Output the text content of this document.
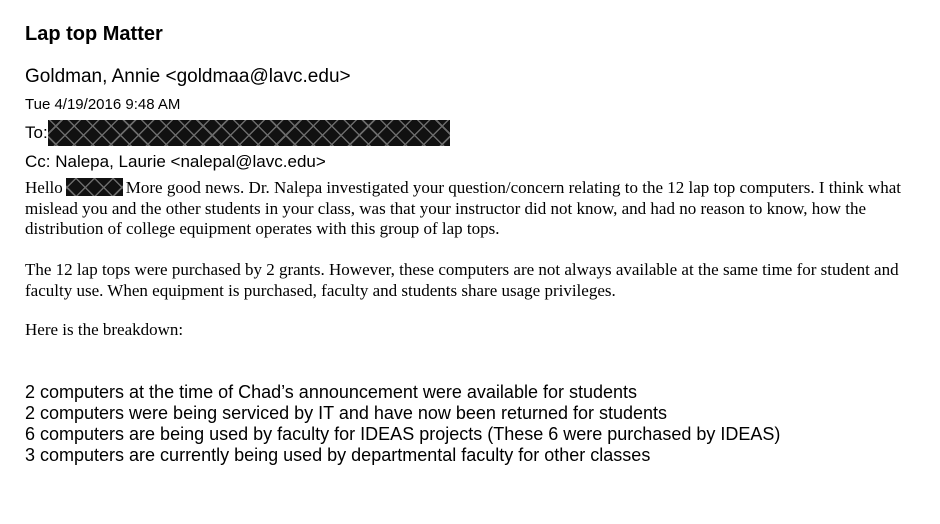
Lap top Matter
Goldman, Annie <goldmaa@lavc.edu>
Tue 4/19/2016 9:48 AM
To:
Cc: Nalepa, Laurie <nalepal@lavc.edu>
Hello	More good news. Dr. Nalepa investigated your question/concern relating to the 12 lap top computers. I think what mislead you and the other students in your class, was that your instructor did not know, and had no reason to know, how the distribution of college equipment operates with this group of lap tops.
The 12 lap tops were purchased by 2 grants. However, these computers are not always available at the same time for student and faculty use. When equipment is purchased, faculty and students share usage privileges.
Here is the breakdown:
2 computers at the time of Chad’s announcement were available for students
2 computers were being serviced by IT and have now been returned for students
6 computers are being used by faculty for IDEAS projects (These 6 were purchased by IDEAS)
3 computers are currently being used by departmental faculty for other classes
